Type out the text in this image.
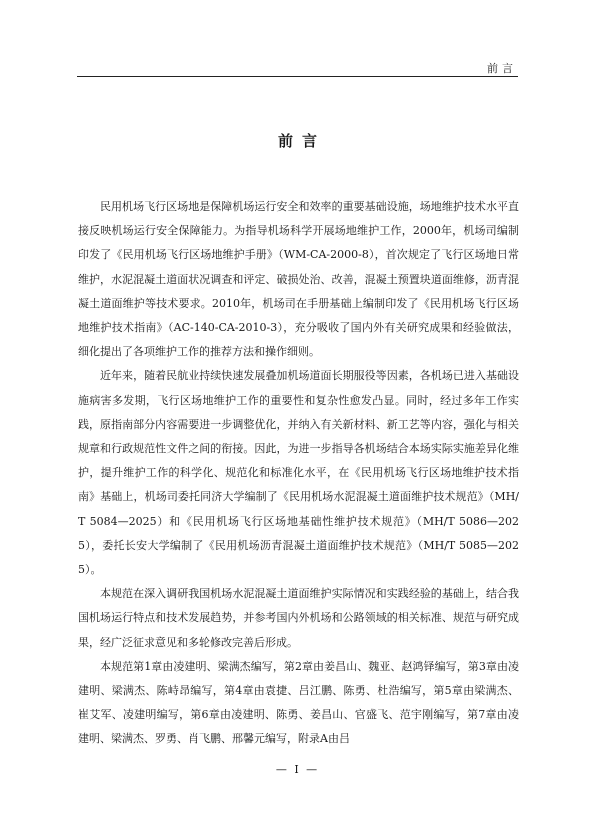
前言
前言

民用机场飞行区场地是保障机场运行安全和效率的重要基础设施，场地维护技术水平直接反映机场运行安全保障能力。为指导机场科学开展场地维护工作，2000年，机场司编制印发了《民用机场飞行区场地维护手册》（WM-CA-2000-8），首次规定了飞行区场地日常维护，水泥混凝土道面状况调查和评定、破损处治、改善，混凝土预置块道面维修，沥青混凝土道面维护等技术要求。2010年，机场司在手册基础上编制印发了《民用机场飞行区场地维护技术指南》（AC-140-CA-2010-3），充分吸收了国内外有关研究成果和经验做法，细化提出了各项维护工作的推荐方法和操作细则。

近年来，随着民航业持续快速发展叠加机场道面长期服役等因素，各机场已进入基础设施病害多发期，飞行区场地维护工作的重要性和复杂性愈发凸显。同时，经过多年工作实践，原指南部分内容需要进一步调整优化，并纳入有关新材料、新工艺等内容，强化与相关规章和行政规范性文件之间的衔接。因此，为进一步指导各机场结合本场实际实施差异化维护，提升维护工作的科学化、规范化和标准化水平，在《民用机场飞行区场地维护技术指南》基础上，机场司委托同济大学编制了《民用机场水泥混凝土道面维护技术规范》（MH/T 5084—2025）和《民用机场飞行区场地基础性维护技术规范》（MH/T 5086—2025），委托长安大学编制了《民用机场沥青混凝土道面维护技术规范》（MH/T 5085—2025）。

本规范在深入调研我国机场水泥混凝土道面维护实际情况和实践经验的基础上，结合我国机场运行特点和技术发展趋势，并参考国内外机场和公路领域的相关标准、规范与研究成果，经广泛征求意见和多轮修改完善后形成。

本规范第1章由凌建明、梁满杰编写，第2章由姜昌山、魏亚、赵鸿铎编写，第3章由凌建明、梁满杰、陈峙昂编写，第4章由袁捷、吕江鹏、陈勇、杜浩编写，第5章由梁满杰、崔艾军、凌建明编写，第6章由凌建明、陈勇、姜昌山、官盛飞、范宇刚编写，第7章由凌建明、梁满杰、罗勇、肖飞鹏、邢馨元编写，附录A由吕

— I —
